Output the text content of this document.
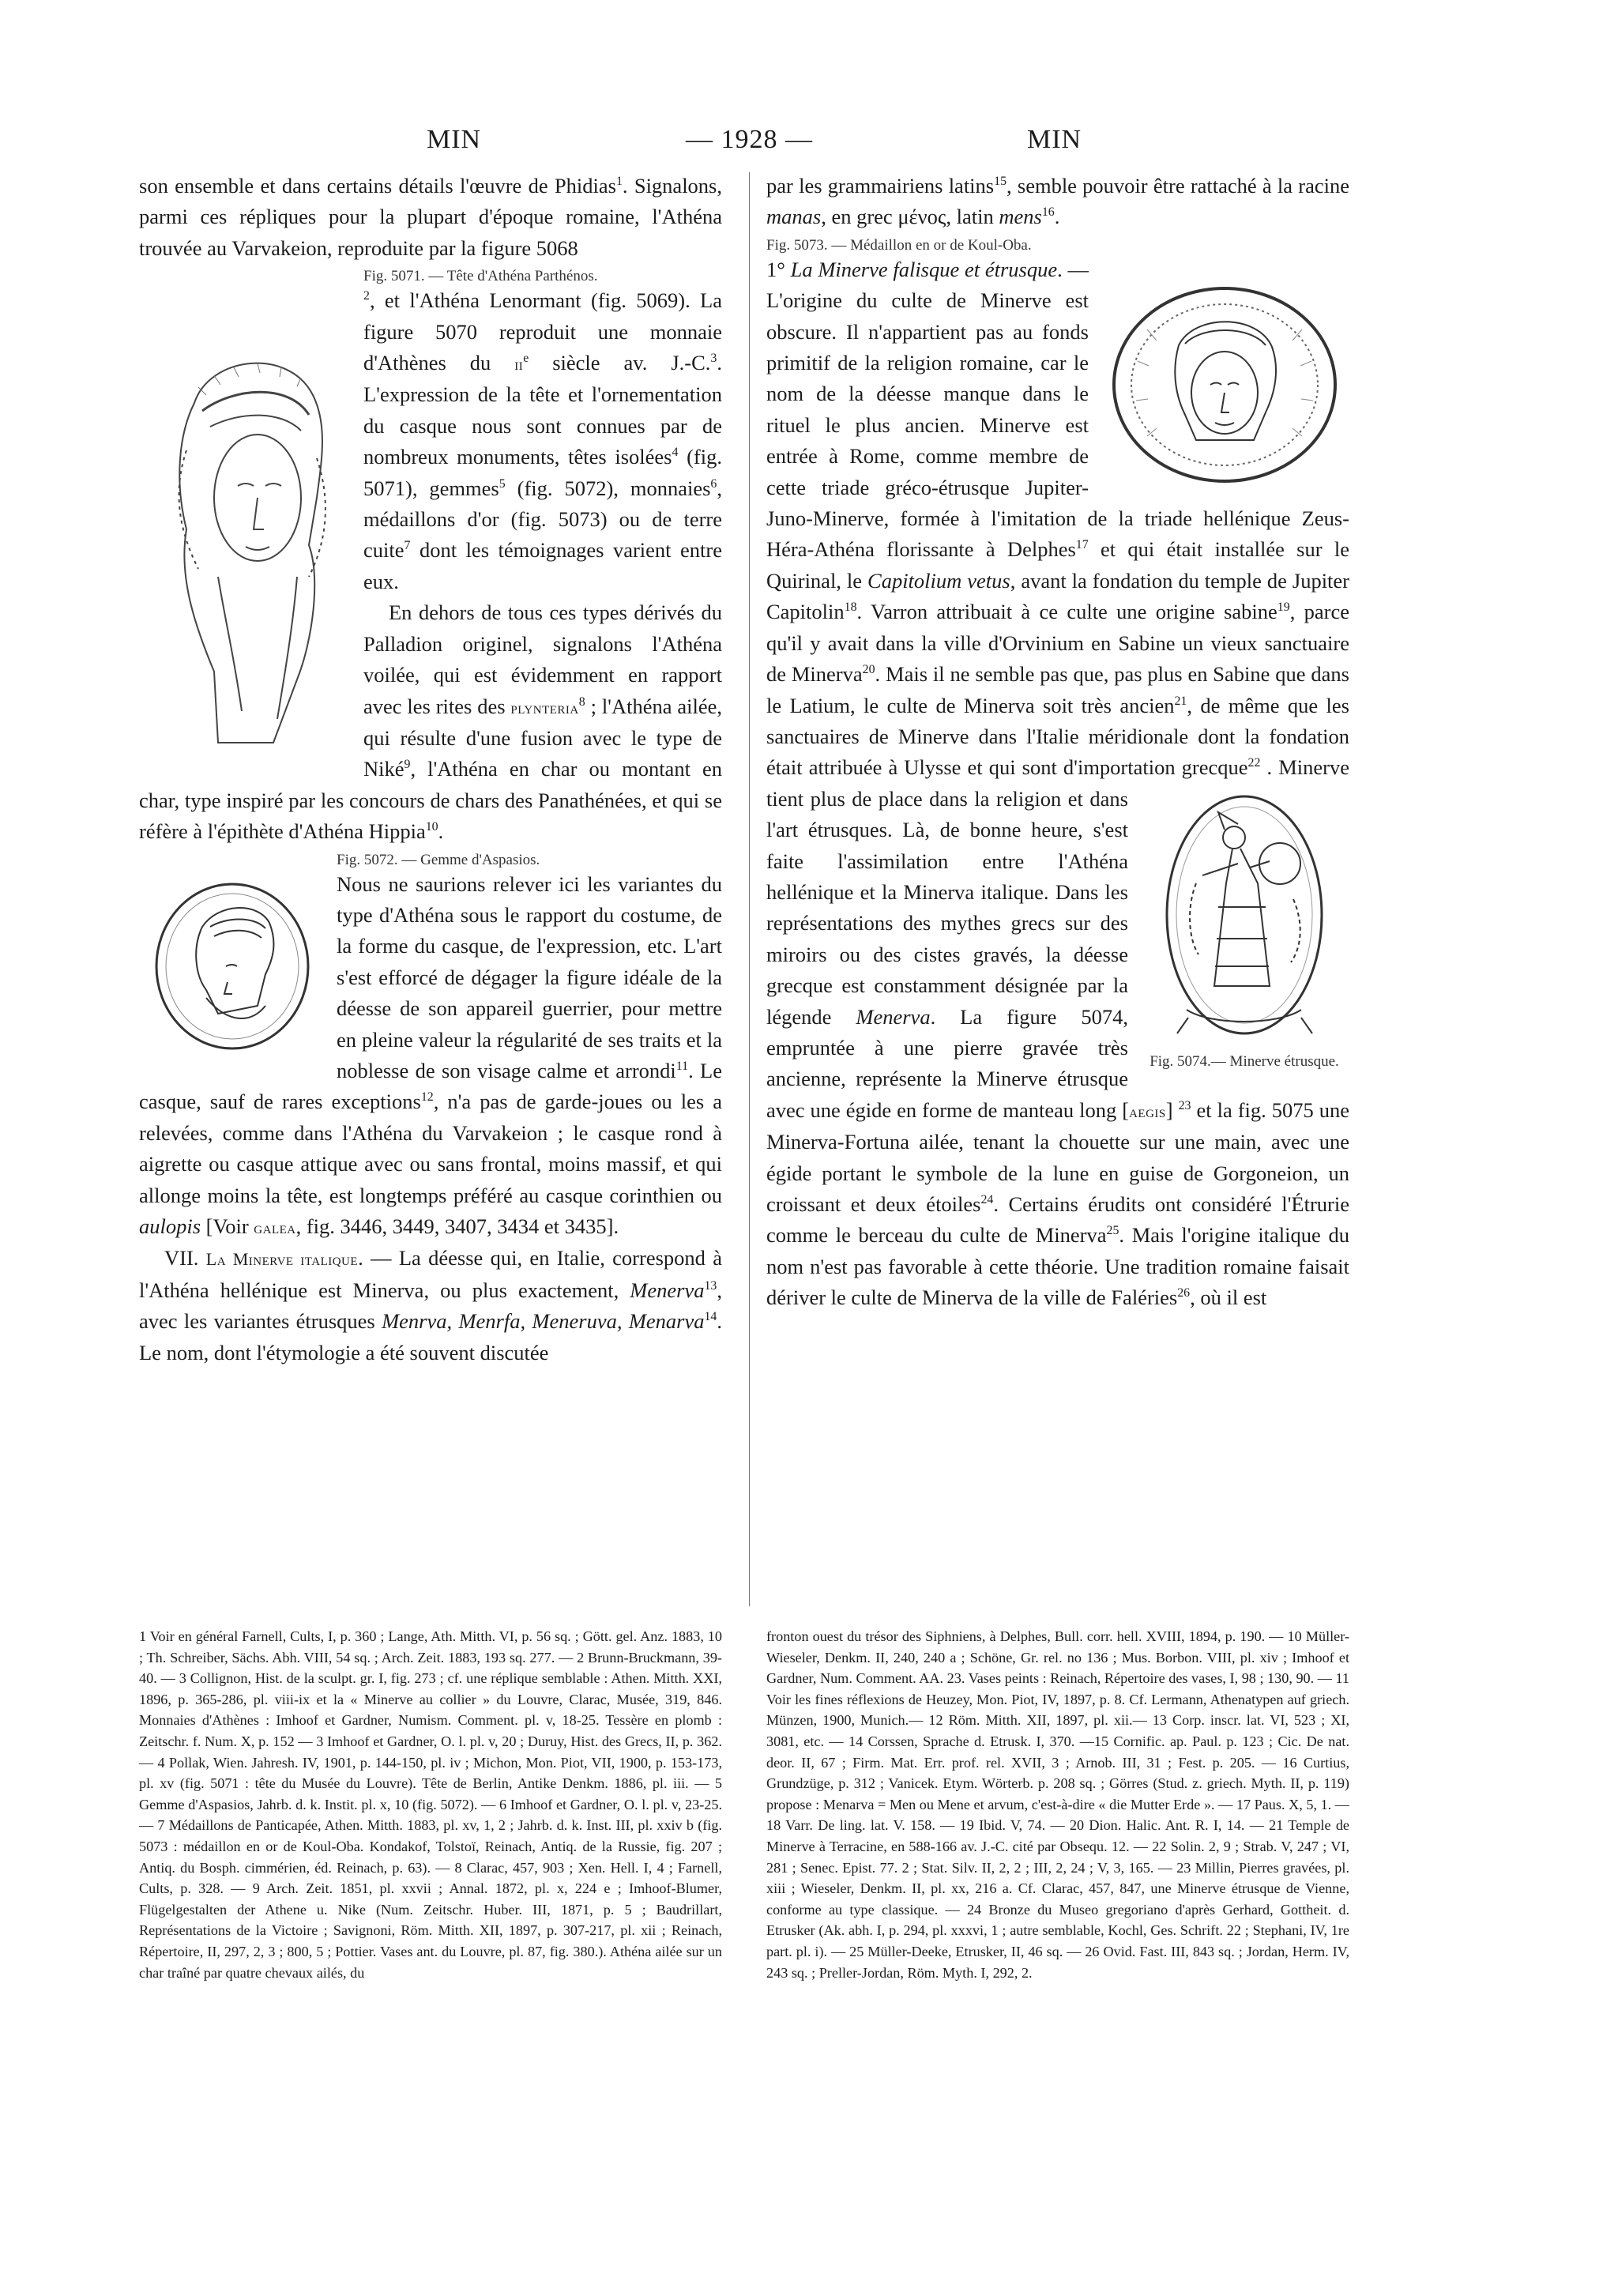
MIN	— 1928 —	MIN

son ensemble et dans certains détails l'œuvre de Phidias$^1$. Signalons, parmi ces répliques pour la plupart d'époque romaine, l'Athéna trouvée au Varvakeion, reproduite par la figure 5068

Fig. 5071. — Tête d'Athéna Parthénos.
$^2$, et l'Athéna Lenormant (fig. 5069). La figure 5070 reproduit une monnaie d'Athènes du $ii^e$ siècle av. J.-C.$^3$. L'expression de la tête et l'ornementation du casque nous sont connues par de nombreux monuments, têtes isolées$^4$ (fig. 5071), gemmes$^5$ (fig. 5072), monnaies$^6$, médaillons d'or (fig. 5073) ou de terre cuite$^7$ dont les témoignages varient entre eux.

En dehors de tous ces types dérivés du Palladion originel, signalons l'Athéna voilée, qui est évidemment en rapport avec les rites des plynteria$^8$ ; l'Athéna ailée, qui résulte d'une fusion avec le type de Niké$^9$, l'Athéna en char ou montant en char, type inspiré par les concours de chars des Panathénées, et qui se réfère à l'épithète d'Athéna Hippia$^{10}$.

Fig. 5072. — Gemme d'Aspasios.
Nous ne saurions relever ici les variantes du type d'Athéna sous le rapport du costume, de la forme du casque, de l'expression, etc. L'art s'est efforcé de dégager la figure idéale de la déesse de son appareil guerrier, pour mettre en pleine valeur la régularité de ses traits et la noblesse de son visage calme et arrondi$^{11}$. Le casque, sauf de rares exceptions$^{12}$, n'a pas de garde-joues ou les a relevées, comme dans l'Athéna du Varvakeion ; le casque rond à aigrette ou casque attique avec ou sans frontal, moins massif, et qui allonge moins la tête, est longtemps préféré au casque corinthien ou aulopis [Voir galea, fig. 3446, 3449, 3407, 3434 et 3435].

VII. La Minerve italique. — La déesse qui, en Italie, correspond à l'Athéna hellénique est Minerva, ou plus exactement, Menerva$^{13}$, avec les variantes étrusques Menrva, Menrfa, Meneruva, Menarva$^{14}$. Le nom, dont l'étymologie a été souvent discutée

par les grammairiens latins$^{15}$, semble pouvoir être rattaché à la racine manas, en grec μένος, latin mens$^{16}$.

Fig. 5073. — Médaillon en or de Koul-Oba.
1° La Minerve falisque et étrusque. — L'origine du culte de Minerve est obscure. Il n'appartient pas au fonds primitif de la religion romaine, car le nom de la déesse manque dans le rituel le plus ancien. Minerve est entrée à Rome, comme membre de cette triade gréco-étrusque Jupiter-Juno-Minerve, formée à l'imitation de la triade hellénique Zeus-Héra-Athéna florissante à Delphes$^{17}$ et qui était installée sur le Quirinal, le Capitolium vetus, avant la fondation du temple de Jupiter Capitolin$^{18}$. Varron attribuait à ce culte une origine sabine$^{19}$, parce qu'il y avait dans la ville d'Orvinium en Sabine un vieux sanctuaire de Minerva$^{20}$. Mais il ne semble pas que, pas plus en Sabine que dans le Latium, le culte de Minerva soit très ancien$^{21}$, de même que les sanctuaires de Minerve dans l'Italie méridionale dont la fondation était attribuée à Ulysse et qui sont d'importation grecque$^{22}$
Fig. 5074.— Minerve étrusque.
. Minerve tient plus de place dans la religion et dans l'art étrusques. Là, de bonne heure, s'est faite l'assimilation entre l'Athéna hellénique et la Minerva italique. Dans les représentations des mythes grecs sur des miroirs ou des cistes gravés, la déesse grecque est constamment désignée par la légende Menerva. La figure 5074, empruntée à une pierre gravée très ancienne, représente la Minerve étrusque avec une égide en forme de manteau long [aegis] $^{23}$ et la fig. 5075 une Minerva-Fortuna ailée, tenant la chouette sur une main, avec une égide portant le symbole de la lune en guise de Gorgoneion, un croissant et deux étoiles$^{24}$. Certains érudits ont considéré l'Étrurie comme le berceau du culte de Minerva$^{25}$. Mais l'origine italique du nom n'est pas favorable à cette théorie. Une tradition romaine faisait dériver le culte de Minerva de la ville de Faléries$^{26}$, où il est

1 Voir en général Farnell, Cults, I, p. 360 ; Lange, Ath. Mitth. VI, p. 56 sq. ; Gött. gel. Anz. 1883, 10 ; Th. Schreiber, Sächs. Abh. VIII, 54 sq. ; Arch. Zeit. 1883, 193 sq. 277. — 2 Brunn-Bruckmann, 39-40. — 3 Collignon, Hist. de la sculpt. gr. I, fig. 273 ; cf. une réplique semblable : Athen. Mitth. XXI, 1896, p. 365-286, pl. viii-ix et la « Minerve au collier » du Louvre, Clarac, Musée, 319, 846. Monnaies d'Athènes : Imhoof et Gardner, Numism. Comment. pl. v, 18-25. Tessère en plomb : Zeitschr. f. Num. X, p. 152 — 3 Imhoof et Gardner, O. l. pl. v, 20 ; Duruy, Hist. des Grecs, II, p. 362. — 4 Pollak, Wien. Jahresh. IV, 1901, p. 144-150, pl. iv ; Michon, Mon. Piot, VII, 1900, p. 153-173, pl. xv (fig. 5071 : tête du Musée du Louvre). Tête de Berlin, Antike Denkm. 1886, pl. iii. — 5 Gemme d'Aspasios, Jahrb. d. k. Instit. pl. x, 10 (fig. 5072). — 6 Imhoof et Gardner, O. l. pl. v, 23-25. — 7 Médaillons de Panticapée, Athen. Mitth. 1883, pl. xv, 1, 2 ; Jahrb. d. k. Inst. III, pl. xxiv b (fig. 5073 : médaillon en or de Koul-Oba. Kondakof, Tolstoï, Reinach, Antiq. de la Russie, fig. 207 ; Antiq. du Bosph. cimmérien, éd. Reinach, p. 63). — 8 Clarac, 457, 903 ; Xen. Hell. I, 4 ; Farnell, Cults, p. 328. — 9 Arch. Zeit. 1851, pl. xxvii ; Annal. 1872, pl. x, 224 e ; Imhoof-Blumer, Flügelgestalten der Athene u. Nike (Num. Zeitschr. Huber. III, 1871, p. 5 ; Baudrillart, Représentations de la Victoire ; Savignoni, Röm. Mitth. XII, 1897, p. 307-217, pl. xii ; Reinach, Répertoire, II, 297, 2, 3 ; 800, 5 ; Pottier. Vases ant. du Louvre, pl. 87, fig. 380.). Athéna ailée sur un char traîné par quatre chevaux ailés, du

fronton ouest du trésor des Siphniens, à Delphes, Bull. corr. hell. XVIII, 1894, p. 190. — 10 Müller-Wieseler, Denkm. II, 240, 240 a ; Schöne, Gr. rel. no 136 ; Mus. Borbon. VIII, pl. xiv ; Imhoof et Gardner, Num. Comment. AA. 23. Vases peints : Reinach, Répertoire des vases, I, 98 ; 130, 90. — 11 Voir les fines réflexions de Heuzey, Mon. Piot, IV, 1897, p. 8. Cf. Lermann, Athenatypen auf griech. Münzen, 1900, Munich.— 12 Röm. Mitth. XII, 1897, pl. xii.— 13 Corp. inscr. lat. VI, 523 ; XI, 3081, etc. — 14 Corssen, Sprache d. Etrusk. I, 370. —15 Cornific. ap. Paul. p. 123 ; Cic. De nat. deor. II, 67 ; Firm. Mat. Err. prof. rel. XVII, 3 ; Arnob. III, 31 ; Fest. p. 205. — 16 Curtius, Grundzüge, p. 312 ; Vanicek. Etym. Wörterb. p. 208 sq. ; Görres (Stud. z. griech. Myth. II, p. 119) propose : Menarva = Men ou Mene et arvum, c'est-à-dire « die Mutter Erde ». — 17 Paus. X, 5, 1. — 18 Varr. De ling. lat. V. 158. — 19 Ibid. V, 74. — 20 Dion. Halic. Ant. R. I, 14. — 21 Temple de Minerve à Terracine, en 588-166 av. J.-C. cité par Obsequ. 12. — 22 Solin. 2, 9 ; Strab. V, 247 ; VI, 281 ; Senec. Epist. 77. 2 ; Stat. Silv. II, 2, 2 ; III, 2, 24 ; V, 3, 165. — 23 Millin, Pierres gravées, pl. xiii ; Wieseler, Denkm. II, pl. xx, 216 a. Cf. Clarac, 457, 847, une Minerve étrusque de Vienne, conforme au type classique. — 24 Bronze du Museo gregoriano d'après Gerhard, Gottheit. d. Etrusker (Ak. abh. I, p. 294, pl. xxxvi, 1 ; autre semblable, Kochl, Ges. Schrift. 22 ; Stephani, IV, 1re part. pl. i). — 25 Müller-Deeke, Etrusker, II, 46 sq. — 26 Ovid. Fast. III, 843 sq. ; Jordan, Herm. IV, 243 sq. ; Preller-Jordan, Röm. Myth. I, 292, 2.
